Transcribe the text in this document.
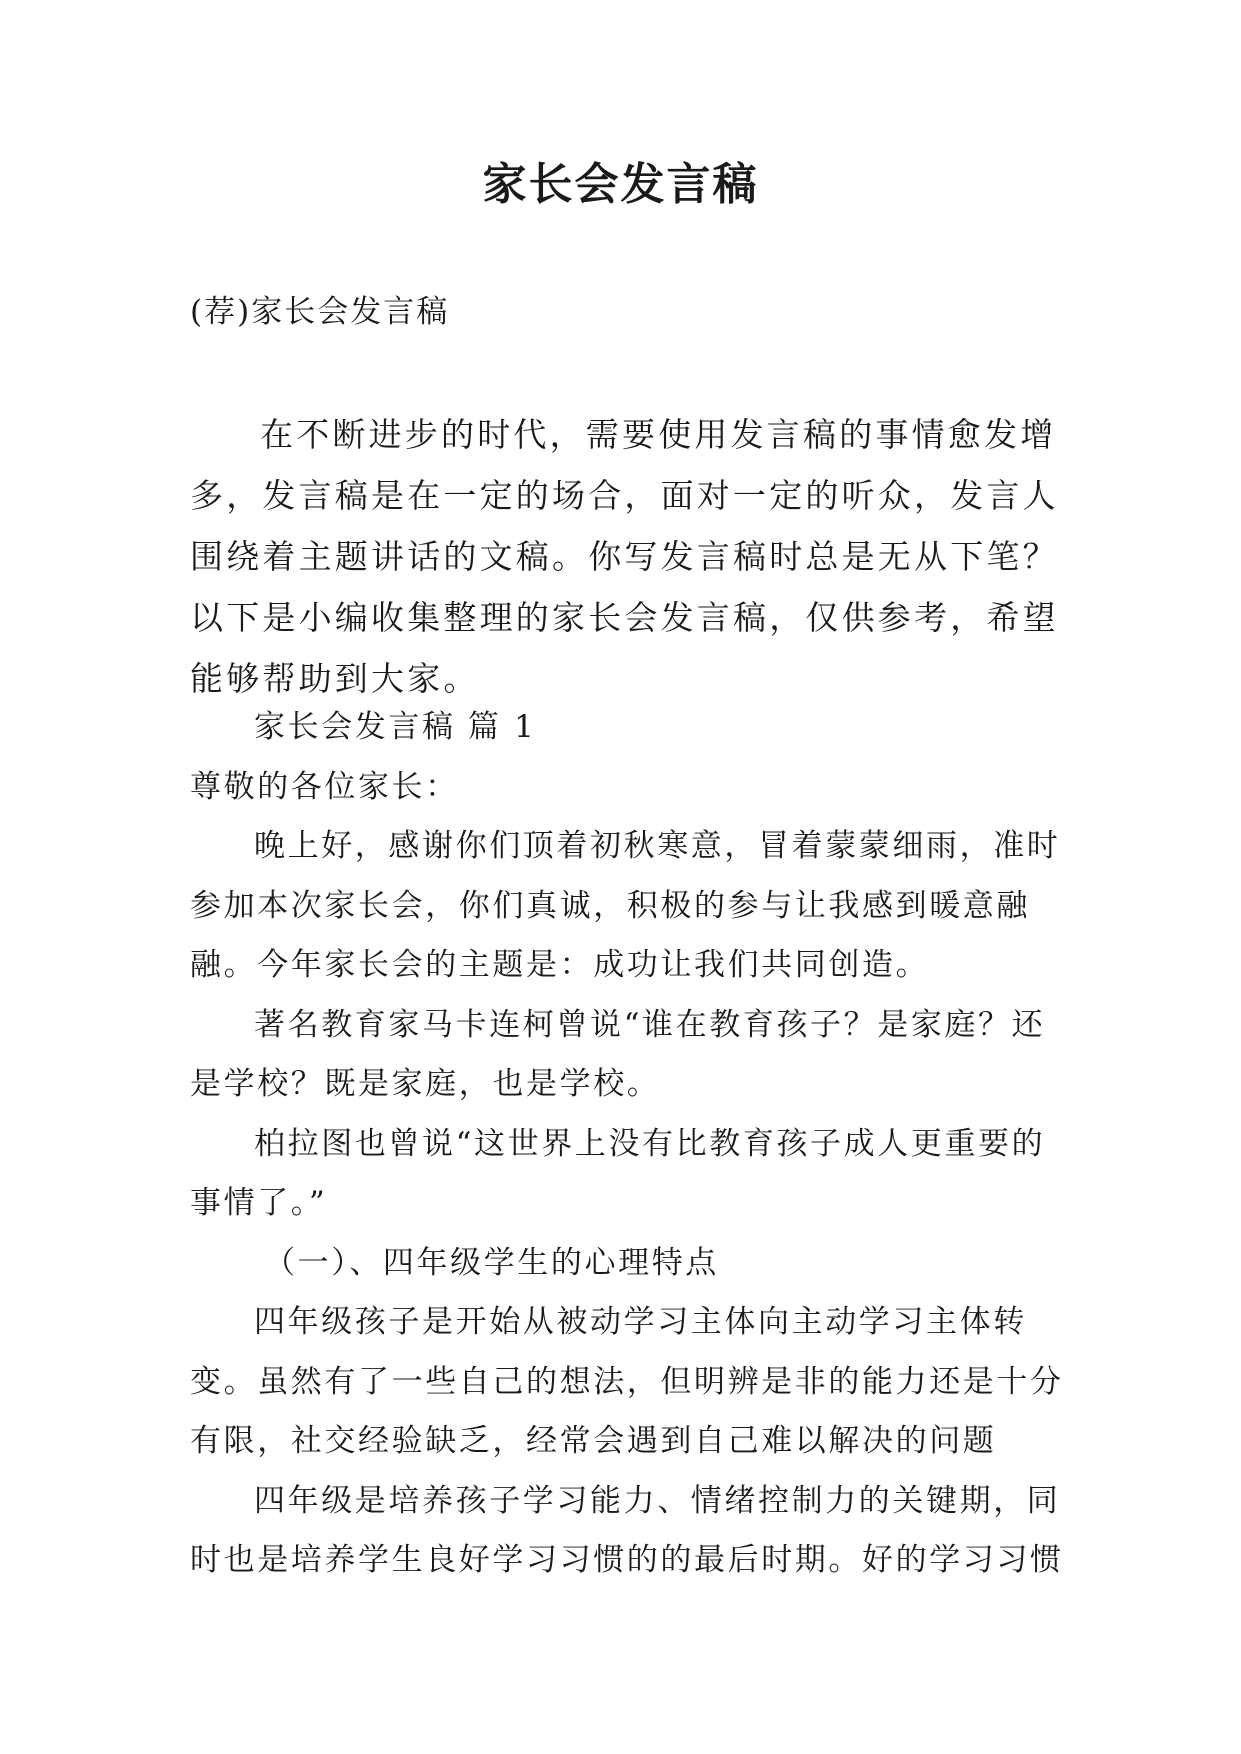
家长会发言稿
(荐)家长会发言稿

在不断进步的时代，需要使用发言稿的事情愈发增多，发言稿是在一定的场合，面对一定的听众，发言人围绕着主题讲话的文稿。你写发言稿时总是无从下笔？以下是小编收集整理的家长会发言稿，仅供参考，希望能够帮助到大家。

家长会发言稿 篇 1

尊敬的各位家长：

晚上好，感谢你们顶着初秋寒意，冒着蒙蒙细雨，准时参加本次家长会，你们真诚，积极的参与让我感到暖意融融。今年家长会的主题是：成功让我们共同创造。

著名教育家马卡连柯曾说“谁在教育孩子？是家庭？还是学校？既是家庭，也是学校。

柏拉图也曾说“这世界上没有比教育孩子成人更重要的事情了。”

（一）、四年级学生的心理特点

四年级孩子是开始从被动学习主体向主动学习主体转变。虽然有了一些自己的想法，但明辨是非的能力还是十分有限，社交经验缺乏，经常会遇到自己难以解决的问题

四年级是培养孩子学习能力、情绪控制力的关键期，同时也是培养学生良好学习习惯的的最后时期。好的学习习惯
